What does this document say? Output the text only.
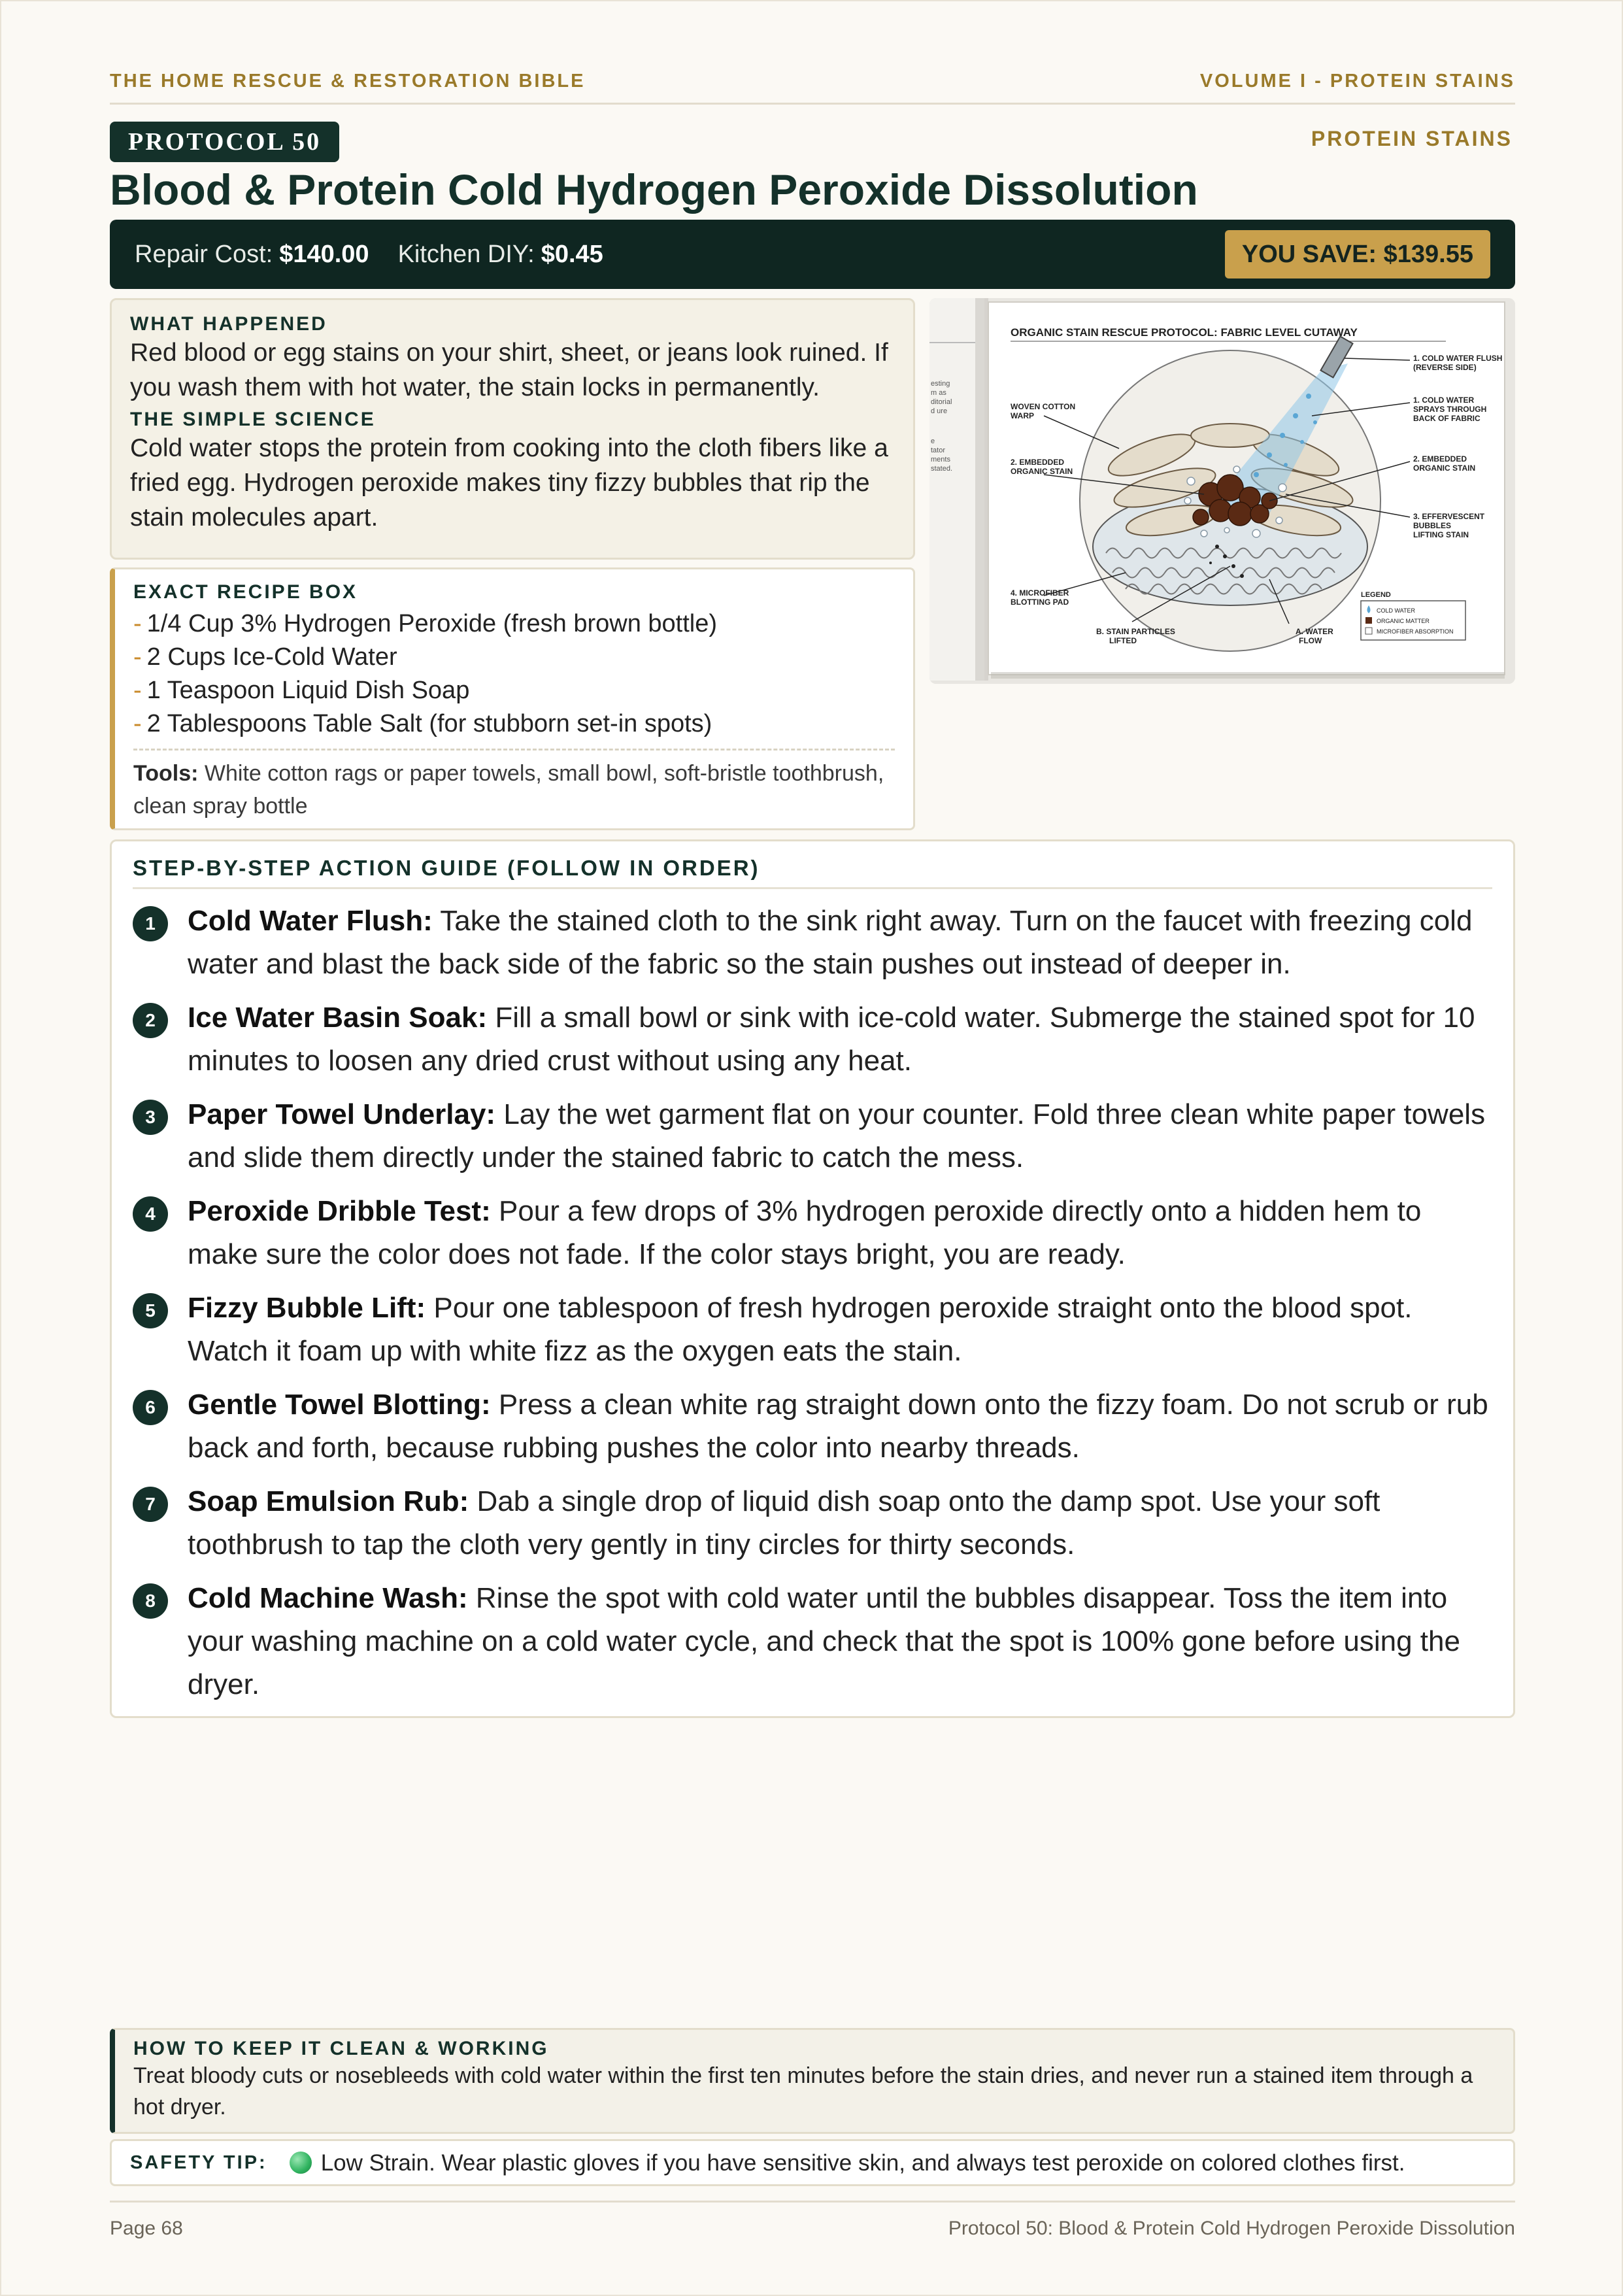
THE HOME RESCUE & RESTORATION BIBLE	VOLUME I - PROTEIN STAINS
PROTOCOL 50	PROTEIN STAINS
Blood & Protein Cold Hydrogen Peroxide Dissolution
Repair Cost: $140.00 Kitchen DIY: $0.45	YOU SAVE: $139.55
WHAT HAPPENED
Red blood or egg stains on your shirt, sheet, or jeans look ruined. If you wash them with hot water, the stain locks in permanently.
THE SIMPLE SCIENCE
Cold water stops the protein from cooking into the cloth fibers like a fried egg. Hydrogen peroxide makes tiny fizzy bubbles that rip the stain molecules apart.
EXACT RECIPE BOX
- 1/4 Cup 3% Hydrogen Peroxide (fresh brown bottle)
- 2 Cups Ice-Cold Water
- 1 Teaspoon Liquid Dish Soap
- 2 Tablespoons Table Salt (for stubborn set-in spots)
Tools: White cotton rags or paper towels, small bowl, soft-bristle toothbrush, clean spray bottle
esting
m as
ditorial
d ure
e
tator
ments
stated.
ORGANIC STAIN RESCUE PROTOCOL: FABRIC LEVEL CUTAWAY
WOVEN COTTON
WARP
2. EMBEDDED
ORGANIC STAIN
4. MICROFIBER
BLOTTING PAD
1. COLD WATER FLUSH
(REVERSE SIDE)
1. COLD WATER
SPRAYS THROUGH
BACK OF FABRIC
2. EMBEDDED
ORGANIC STAIN
3. EFFERVESCENT
BUBBLES
LIFTING STAIN
B. STAIN PARTICLES
LIFTED
A. WATER
FLOW
LEGEND
COLD WATER
ORGANIC MATTER
MICROFIBER ABSORPTION
STEP-BY-STEP ACTION GUIDE (FOLLOW IN ORDER)
1	Cold Water Flush: Take the stained cloth to the sink right away. Turn on the faucet with freezing cold water and blast the back side of the fabric so the stain pushes out instead of deeper in.
2	Ice Water Basin Soak: Fill a small bowl or sink with ice-cold water. Submerge the stained spot for 10 minutes to loosen any dried crust without using any heat.
3	Paper Towel Underlay: Lay the wet garment flat on your counter. Fold three clean white paper towels and slide them directly under the stained fabric to catch the mess.
4	Peroxide Dribble Test: Pour a few drops of 3% hydrogen peroxide directly onto a hidden hem to make sure the color does not fade. If the color stays bright, you are ready.
5	Fizzy Bubble Lift: Pour one tablespoon of fresh hydrogen peroxide straight onto the blood spot. Watch it foam up with white fizz as the oxygen eats the stain.
6	Gentle Towel Blotting: Press a clean white rag straight down onto the fizzy foam. Do not scrub or rub back and forth, because rubbing pushes the color into nearby threads.
7	Soap Emulsion Rub: Dab a single drop of liquid dish soap onto the damp spot. Use your soft toothbrush to tap the cloth very gently in tiny circles for thirty seconds.
8	Cold Machine Wash: Rinse the spot with cold water until the bubbles disappear. Toss the item into your washing machine on a cold water cycle, and check that the spot is 100% gone before using the dryer.
HOW TO KEEP IT CLEAN & WORKING
Treat bloody cuts or nosebleeds with cold water within the first ten minutes before the stain dries, and never run a stained item through a hot dryer.
SAFETY TIP: Low Strain. Wear plastic gloves if you have sensitive skin, and always test peroxide on colored clothes first.
Page 68	Protocol 50: Blood & Protein Cold Hydrogen Peroxide Dissolution
